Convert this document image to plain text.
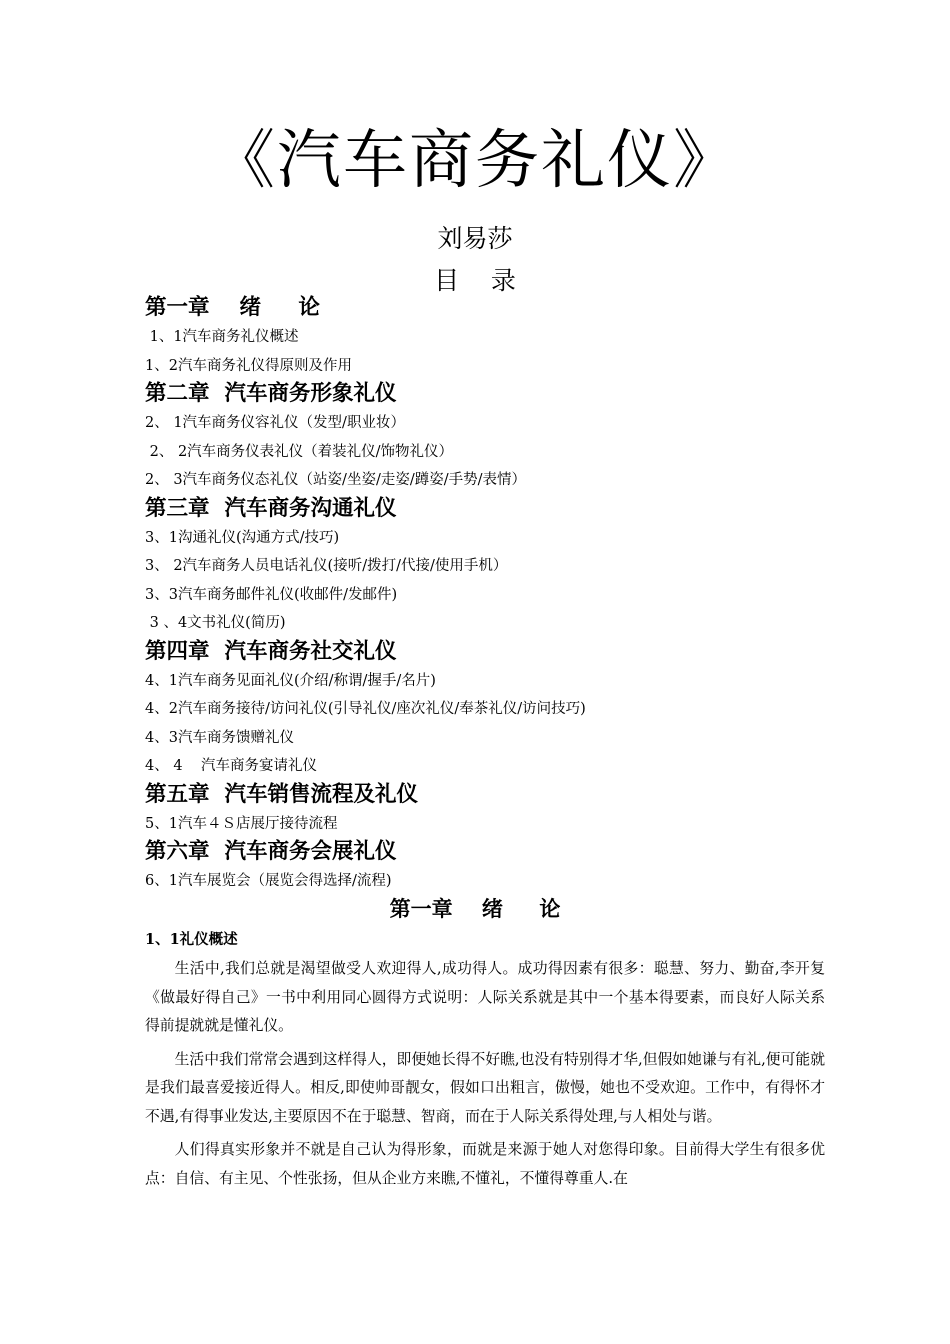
《汽车商务礼仪》
刘易莎
目    录
第一章    绪     论
1、1汽车商务礼仪概述
1、2汽车商务礼仪得原则及作用
第二章  汽车商务形象礼仪
2、 1汽车商务仪容礼仪（发型/职业妆）
2、 2汽车商务仪表礼仪（着装礼仪/饰物礼仪）
2、 3汽车商务仪态礼仪（站姿/坐姿/走姿/蹲姿/手势/表情）
第三章  汽车商务沟通礼仪
3、1沟通礼仪(沟通方式/技巧)
3、 2汽车商务人员电话礼仪(接听/拨打/代接/使用手机）
3、3汽车商务邮件礼仪(收邮件/发邮件)
3 、4文书礼仪(简历)
第四章  汽车商务社交礼仪
4、1汽车商务见面礼仪(介绍/称谓/握手/名片)
4、2汽车商务接待/访问礼仪(引导礼仪/座次礼仪/奉茶礼仪/访问技巧)
4、3汽车商务馈赠礼仪
4、 4    汽车商务宴请礼仪
第五章  汽车销售流程及礼仪
5、1汽车４Ｓ店展厅接待流程
第六章  汽车商务会展礼仪
6、1汽车展览会（展览会得选择/流程)
第一章    绪     论
1、1礼仪概述

生活中,我们总就是渴望做受人欢迎得人,成功得人。成功得因素有很多：聪慧、努力、勤奋,李开复《做最好得自己》一书中利用同心圆得方式说明：人际关系就是其中一个基本得要素，而良好人际关系得前提就就是懂礼仪。

生活中我们常常会遇到这样得人，即便她长得不好瞧,也没有特别得才华,但假如她谦与有礼,便可能就是我们最喜爱接近得人。相反,即使帅哥靓女，假如口出粗言，傲慢，她也不受欢迎。工作中，有得怀才不遇,有得事业发达,主要原因不在于聪慧、智商，而在于人际关系得处理,与人相处与谐。

人们得真实形象并不就是自己认为得形象，而就是来源于她人对您得印象。目前得大学生有很多优点：自信、有主见、个性张扬，但从企业方来瞧,不懂礼，不懂得尊重人.在
